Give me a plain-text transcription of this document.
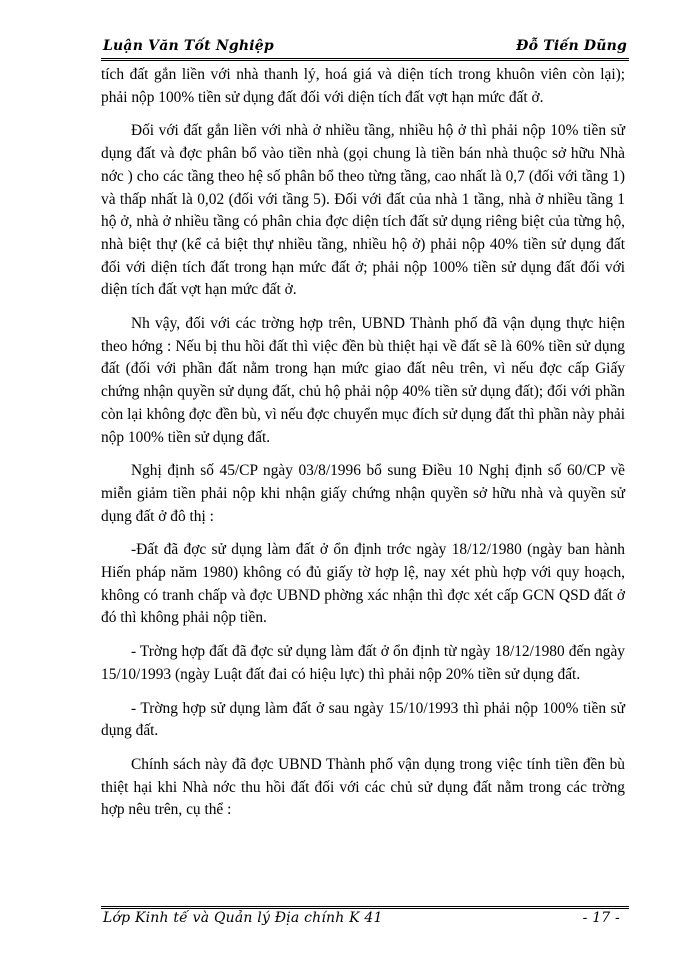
Luận Văn Tốt Nghiệp	Đỗ Tiến Dũng

tích đất gắn liền với nhà thanh lý, hoá giá và diện tích trong khuôn viên còn lại); phải nộp 100% tiền sử dụng đất đối với diện tích đất vợt hạn mức đất ở.

Đối với đất gắn liền với nhà ở nhiều tầng, nhiều hộ ở thì phải nộp 10% tiền sử dụng đất và đợc phân bổ vào tiền nhà (gọi chung là tiền bán nhà thuộc sở hữu Nhà nớc ) cho các tầng theo hệ số phân bổ theo từng tầng, cao nhất là 0,7 (đối với tầng 1) và thấp nhất là 0,02 (đối với tầng 5). Đối với đất của nhà 1 tầng, nhà ở nhiều tầng 1 hộ ở, nhà ở nhiều tầng có phân chia đợc diện tích đất sử dụng riêng biệt của từng hộ, nhà biệt thự (kể cả biệt thự nhiều tầng, nhiều hộ ở) phải nộp 40% tiền sử dụng đất đối với diện tích đất trong hạn mức đất ở; phải nộp 100% tiền sử dụng đất đối với diện tích đất vợt hạn mức đất ở.

Nh vậy, đối với các trờng hợp trên, UBND Thành phố đã vận dụng thực hiện theo hớng : Nếu bị thu hồi đất thì việc đền bù thiệt hại về đất sẽ là 60% tiền sử dụng đất (đối với phần đất nằm trong hạn mức giao đất nêu trên, vì nếu đợc cấp Giấy chứng nhận quyền sử dụng đất, chủ hộ phải nộp 40% tiền sử dụng đất); đối với phần còn lại không đợc đền bù, vì nếu đợc chuyển mục đích sử dụng đất thì phần này phải nộp 100% tiền sử dụng đất.

Nghị định số 45/CP ngày 03/8/1996 bổ sung Điều 10 Nghị định số 60/CP về miễn giảm tiền phải nộp khi nhận giấy chứng nhận quyền sở hữu nhà và quyền sử dụng đất ở đô thị :

-Đất đã đợc sử dụng làm đất ở ổn định trớc ngày 18/12/1980 (ngày ban hành Hiến pháp năm 1980) không có đủ giấy tờ hợp lệ, nay xét phù hợp với quy hoạch, không có tranh chấp và đợc UBND phờng xác nhận thì đợc xét cấp GCN QSD đất ở đó thì không phải nộp tiền.

- Trờng hợp đất đã đợc sử dụng làm đất ở ổn định từ ngày 18/12/1980 đến ngày 15/10/1993 (ngày Luật đất đai có hiệu lực) thì phải nộp 20% tiền sử dụng đất.

- Trờng hợp sử dụng làm đất ở sau ngày 15/10/1993 thì phải nộp 100% tiền sử dụng đất.

Chính sách này đã đợc UBND Thành phố vận dụng trong việc tính tiền đền bù thiệt hại khi Nhà nớc thu hồi đất đối với các chủ sử dụng đất nằm trong các trờng hợp nêu trên, cụ thể :

Lớp Kinh tế và Quản lý Địa chính K 41	- 17 -
